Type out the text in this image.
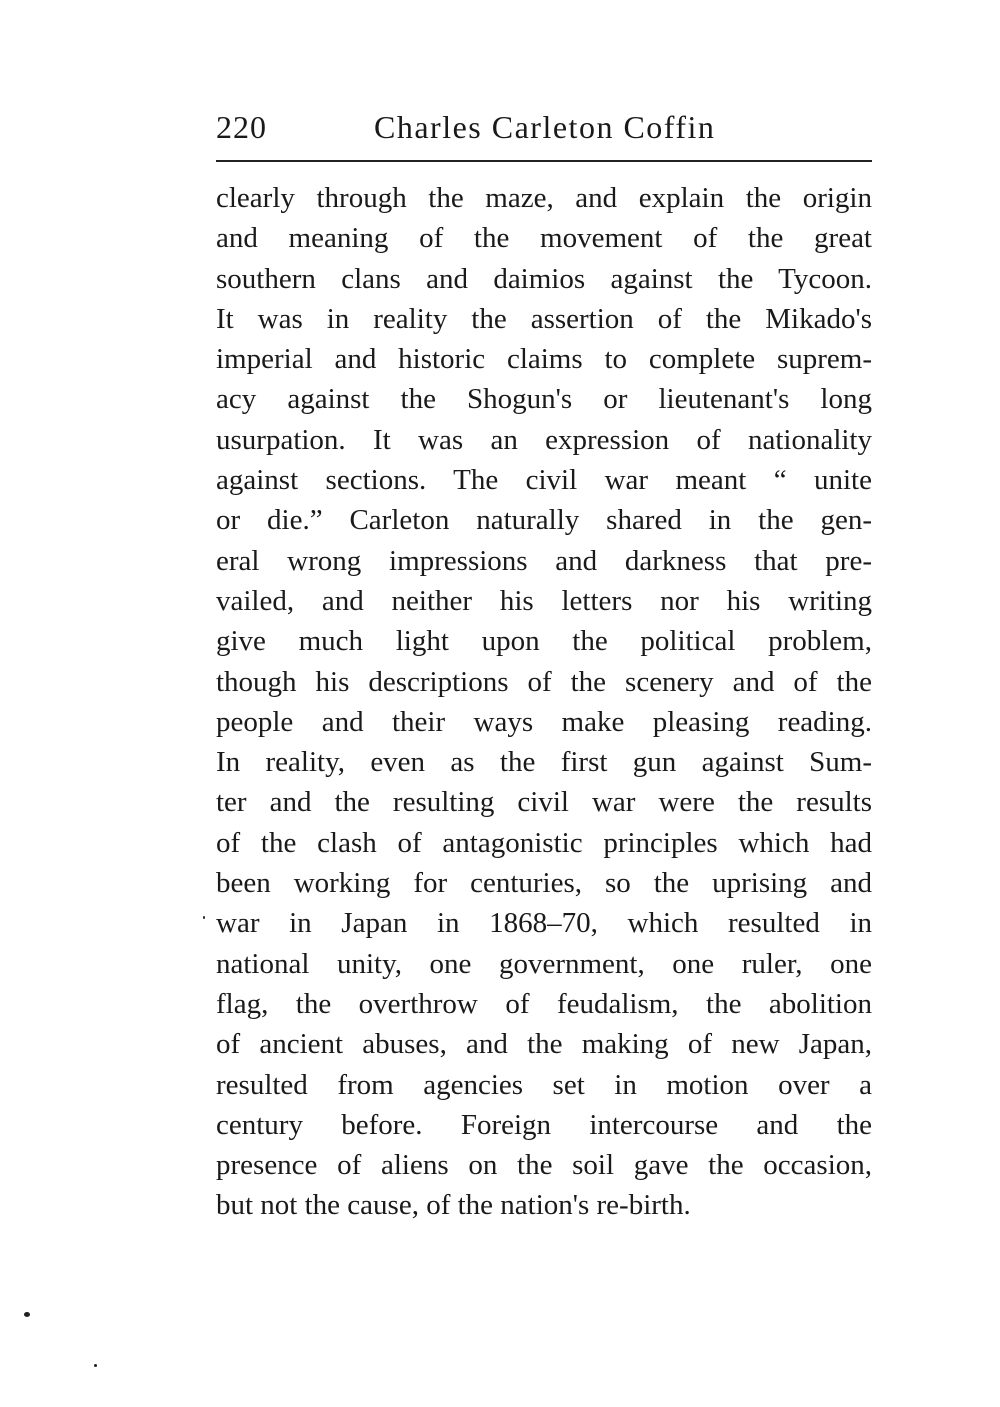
220	Charles Carleton Coffin
clearly through the maze, and explain the origin
and meaning of the movement of the great
southern clans and daimios against the Tycoon.
It was in reality the assertion of the Mikado's
imperial and historic claims to complete suprem-
acy against the Shogun's or lieutenant's long
usurpation. It was an expression of nationality
against sections. The civil war meant “ unite
or die.” Carleton naturally shared in the gen-
eral wrong impressions and darkness that pre-
vailed, and neither his letters nor his writing
give much light upon the political problem,
though his descriptions of the scenery and of the
people and their ways make pleasing reading.
In reality, even as the first gun against Sum-
ter and the resulting civil war were the results
of the clash of antagonistic principles which had
been working for centuries, so the uprising and
war in Japan in 1868–70, which resulted in
national unity, one government, one ruler, one
flag, the overthrow of feudalism, the abolition
of ancient abuses, and the making of new Japan,
resulted from agencies set in motion over a
century before. Foreign intercourse and the
presence of aliens on the soil gave the occasion,
but not the cause, of the nation's re-birth.
